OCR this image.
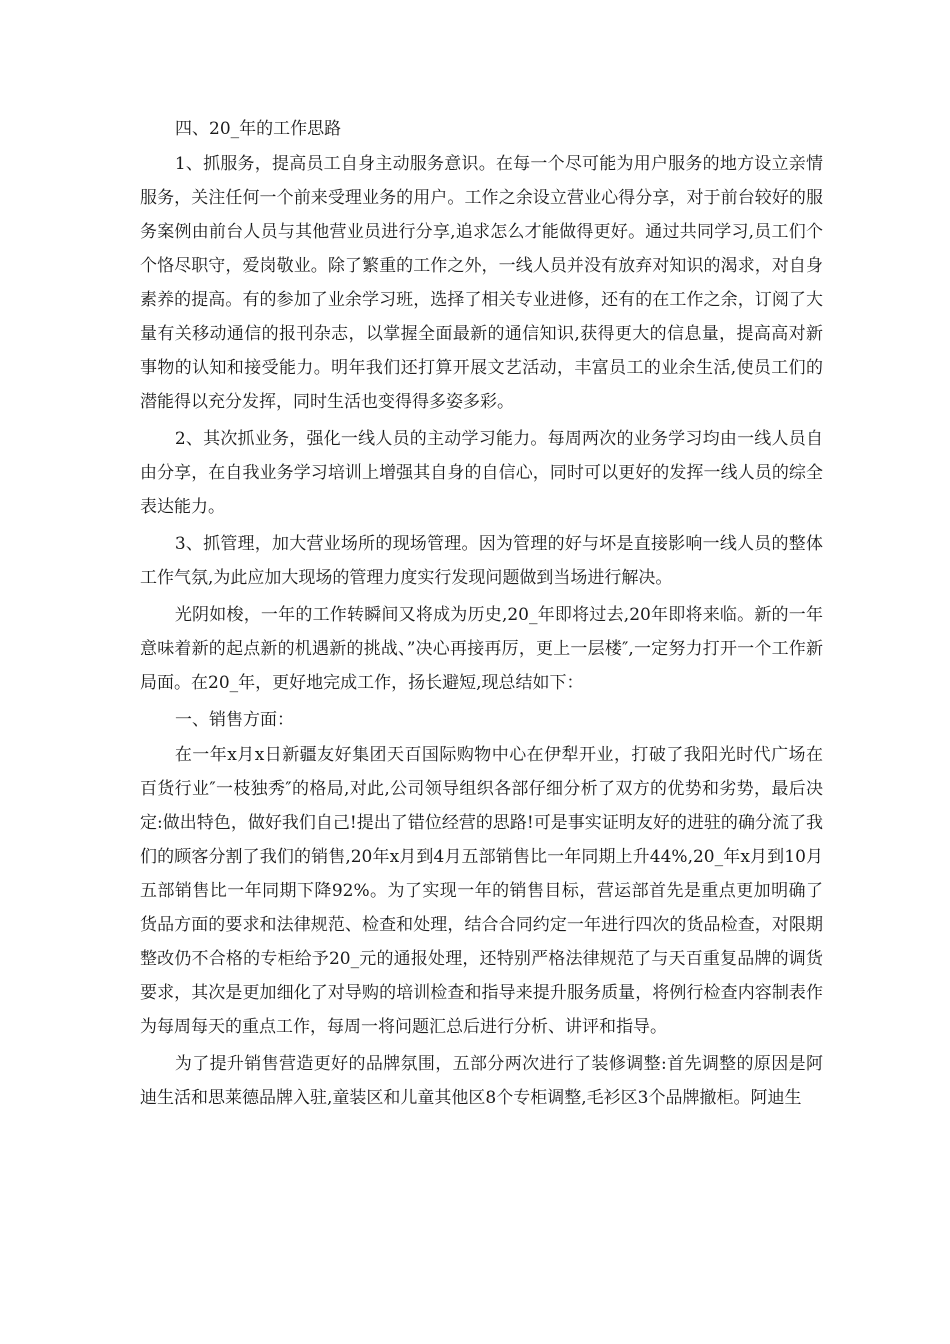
四、20_年的工作思路

1、抓服务，提高员工自身主动服务意识。在每一个尽可能为用户服务的地方设立亲情服务，关注任何一个前来受理业务的用户。工作之余设立营业心得分享，对于前台较好的服务案例由前台人员与其他营业员进行分享,追求怎么才能做得更好。通过共同学习,员工们个个恪尽职守，爱岗敬业。除了繁重的工作之外，一线人员并没有放弃对知识的渴求，对自身素养的提高。有的参加了业余学习班，选择了相关专业进修，还有的在工作之余，订阅了大量有关移动通信的报刊杂志，以掌握全面最新的通信知识,获得更大的信息量，提高高对新事物的认知和接受能力。明年我们还打算开展文艺活动，丰富员工的业余生活,使员工们的潜能得以充分发挥，同时生活也变得得多姿多彩。

2、其次抓业务，强化一线人员的主动学习能力。每周两次的业务学习均由一线人员自由分享，在自我业务学习培训上增强其自身的自信心，同时可以更好的发挥一线人员的综全表达能力。

3、抓管理，加大营业场所的现场管理。因为管理的好与坏是直接影响一线人员的整体工作气氛,为此应加大现场的管理力度实行发现问题做到当场进行解决。

光阴如梭，一年的工作转瞬间又将成为历史,20_年即将过去,20年即将来临。新的一年意味着新的起点新的机遇新的挑战、”决心再接再厉，更上一层楼″,一定努力打开一个工作新局面。在20_年，更好地完成工作，扬长避短,现总结如下：

一、销售方面：

在一年x月x日新疆友好集团天百国际购物中心在伊犁开业，打破了我阳光时代广场在百货行业″一枝独秀″的格局,对此,公司领导组织各部仔细分析了双方的优势和劣势，最后决定:做出特色，做好我们自己!提出了错位经营的思路!可是事实证明友好的进驻的确分流了我们的顾客分割了我们的销售,20年x月到4月五部销售比一年同期上升44%,20_年x月到10月五部销售比一年同期下降92%。为了实现一年的销售目标，营运部首先是重点更加明确了货品方面的要求和法律规范、检查和处理，结合合同约定一年进行四次的货品检查，对限期整改仍不合格的专柜给予20_元的通报处理，还特别严格法律规范了与天百重复品牌的调货要求，其次是更加细化了对导购的培训检查和指导来提升服务质量，将例行检查内容制表作为每周每天的重点工作，每周一将问题汇总后进行分析、讲评和指导。

为了提升销售营造更好的品牌氛围，五部分两次进行了装修调整:首先调整的原因是阿迪生活和思莱德品牌入驻,童装区和儿童其他区8个专柜调整,毛衫区3个品牌撤柜。阿迪生
